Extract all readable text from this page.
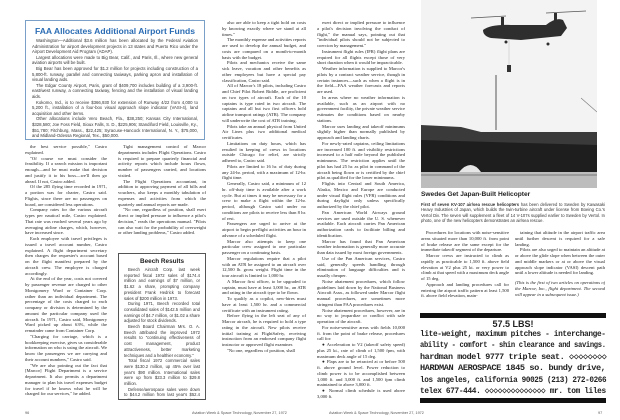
FAA Allocates Additional Airport Funds

Washington—Additional $3.6 million has been allocated by the Federal Aviation Administration for airport development projects in 13 states and Puerto Rico under the Airport Development Aid Program (ADAP).

Largest allocations were made to Big Bear, Calif., and Paris, Ill., where new general aviation airports will be built.

Big Bear has been approved for $1.2 million for projects including construction of a 5,800-ft. runway, parallel and connecting taxiways, parking apron and installation of visual landing aids.

The Edgar County Airport, Paris, grant of $409,700 includes building of a 3,900-ft. east/west runway, a connecting taxiway, fencing and the installation of visual landing aids.

Kokomo, Ind., is to receive $366,930 for extension of Runway 4/22 from 4,000 to 5,200 ft., installation of a four-box visual approach slope indicator (VASI-4), land acquisition and other items.

Other allocations include Vero Beach, Fla., $38,250; Kansas City International, $328,580; Joe Foss Field, Sioux Falls, S. D., $225,906; Standiford Field, Louisville, Ky., $51,780; Fitchburg, Mass., $22,425; Syracuse-Hancock International, N. Y., $75,000, and Midland-Odessa Regional, Tex., $50,000.

the best service possible," Castro explained.

"Of course we must consider the feasibility. If a search mission is important enough—and he must make that decision and justify it to his boss—we'll then go ahead. If not, Castro added.

Of the 285 flying time recorded in 1971, a portion was for charter, Castro said. Flights, since there are no passengers on board, are considered less operations.

Company rates for the various aircraft types per nautical mile, Castro explained. That rate was reached several years ago by averaging airline charges, which, however, have increased since.

Each employee with travel privileges is issued a travel account number, Castro explained. A flight department secretary then charges the requester's account based on the flight manifest prepared by the aircraft crew. The employee is charged accordingly.

At the end of the year, costs not covered by passenger revenue are charged to other Montgomery Ward or Container Corp. rather than an individual department. The percentage of the costs charged to each company or division is determined by the amount the particular company used the aircraft. In 1971, Castro said, Montgomery Ward picked up about 63%, while the remainder came from Container Corp.

"Charging for carriage, which is a bookkeeping exercise, gives us considerable information on who is using the aircraft. We know the passengers we are carrying and their account numbers," Castro said.

"We are also pointing out the fact that [Marcor] Flight Department is a service department. It also permits a department manager to plan his travel expenses budget for travel if he knows what he will be charged for our services," he added.

Tight management control of Marcor departments includes Flight Operations. Castro is required to prepare quarterly financial and activity reports which include hours flown, number of passengers carried, and locations visited.

The Flight Operations accountant, in addition to approving payment of all bills and vouchers, also keeps a monthly tabulation of expenses and activities from which the quarterly and annual reports are made.

"No one, regardless of position, shall exert direct or implied pressure to influence a pilot's decision," reads the operations manual. "Pilots can also wait for the probability of overweight or other landing problems," Castro added.

Beech Results

Beech Aircraft Corp. last week reported fiscal 1972 sales of $174.4 million and earnings of $7 million, or $1.62 a share, prompting company president Frank Hedrick to forecast sales of $200 million in 1973.

During 1971, Beech recorded total consolidated sales of $142.5 million and earnings of $4.7 million, or $1.02 a share adjusted for stock dividends.

Beech Board Chairman Mrs. O. A. Beech attributed the improved 1972 results to "continuing effectiveness of cost management, product attractiveness, better marketing techniques and a healthier economy."

Total fiscal 1972 commercial sales were $130.2 million, up 45% over last year's $90 million. International sales were up from $23.3 million to $29.8 million.

Defense/aerospace sales were down to $44.2 million from last year's $52.4

also are able to keep a tight hold on costs by knowing exactly where we stand at all times."

The monthly expense and activities reports are used to develop the annual budget, and costs are compared on a month-to-month basis with the budget.

Pilots and mechanics receive the same sick leave, vacation and other benefits as other employees but have a special pay classification, Castro said.

All of Marcor's 18 pilots, including Castro and Chief Pilot Robert Riddle, are proficient on two types of aircraft. Each of the 10 captains is type rated in two aircraft. The captains and all but two first officers hold airline transport ratings (ATR). The company will underwrite the cost of ATR training.

Pilots take an annual physical from United Air Lines plus two additional medical certificates.

Limitations on duty hours, which has resulted in keeping of crews in locations outside Chicago for relief, are strictly adhered to, Castro said.

Pilots are limited to 16 hr. of duty during any 24-hr. period, with a maximum of 12-hr. flight time.

Generally, Castro said, a minimum of 12 hr. off-duty time is available after a work cycle. But at times it may be necessary for a crew to make a flight within the 12-hr. period, although Castro said under no conditions are pilots to receive less than 8 hr. of rest.

Passengers are urged to arrive at the airport to begin preflight activities an hour in advance of a scheduled flight.

Marcor also attempts to keep one particular crew assigned to one particular passenger on a continuing basis.

Marcor regulations require that a pilot with an ATR be assigned to an aircraft over 12,500 lb. gross weight. Flight time in the tour aircraft is limited to 1,000 hr.

A Marcor first officer, to be upgraded to captain, must have at least 3,000 hr., an ATR and rating in the aircraft type to be flown.

To qualify as a copilot, new-hires must have at least 1,500 hr. and a commercial certificate with an instrument rating.

Before flying in the left seat of any of Marcor aircraft, he is required to hold a type rating in the aircraft. New pilots receive initial training at FlightSafety, receiving instruction from an endorsed company flight instructor or approved flight examiner.

"No one, regardless of position, shall

exert direct or implied pressure to influence a pilot's decision involving the conduct of flight," the manual says, pointing out that "individual pilots should not be subjected to coercion by management."

Instrument flight rules (IFR) flight plans are required for all flights except those of very short duration when it would be impracticable.

Weather information is supplied to Marcor's pilots by a contract weather service, though in certain instances—such as when a flight is in the field—FAA weather forecasts and reports are used.

In areas where no weather information is available, such as an airport with no government facility, the private weather service estimates the conditions based on nearby stations.

Marcor uses landing and takeoff minimums slightly higher than normally published by approach and landing charts.

For newly-rated captains, ceiling limitations are increased 100 ft. and visibility restrictions increased to a half mile beyond the published minimums. The restriction applies until the pilot has had 25 hr. as pilot in command of the aircraft being flown or is certified by the chief pilot as qualified for the lower minimums.

Flights into Central and South America, Alaska, Mexico and Europe are conducted under visual flight rules (VFR) conditions and during daylight only unless specifically authorized by the chief pilot.

Pan American World Airways ground services are used outside the U. S. whenever available. Each aircraft carries Pan American authorization cards to facilitate billing and identification.

Marcor has found that Pan American weather information is generally more accurate than data issued by most foreign governments.

Use of the Pan American services, Castro said, generally speeds handling through elimination of language difficulties and is usually cheaper.

Noise abatement procedures, which follow guidelines laid down by the National Business Aircraft Assn., as followed under Marcor flight manual procedures, are sometimes more stringent than FAA procedures exist.

Noise abatement procedures, however, are in no way to jeopardize or conflict with safe operation of the aircraft.

For noise-sensitive areas with fields 10,000 ft. from the point of brake release, procedures call for:

● Acceleration to V2 (takeoff safety speed) plus 25 kt., rate of climb of 1,500 fpm, with maximum deck angle of 15 deg.

● Flaps are to be retracted at or before 500 ft. above ground level. Power reduction to climb power is to be accomplished between 1,000 ft. and 3,000 ft. and 1,500 fpm climb maintained to above 3,000 ft.

● Normal climb schedule is used above 3,000 ft.

Swedes Get Japan-Built Helicopter
First of seven KV-107 air/sea rescue helicopters has been delivered to Sweden by Kawasaki Heavy Industries of Japan, which builds the twin-turbine aircraft under license from Boeing Co.'s Vertol Div. The seven will supplement a fleet of 14 V-107s supplied earlier to Sweden by Vertol. In photo, one of the new helicopters demonstrates an air/sea rescue.

Procedures for locations with noise-sensitive areas situated more than 10,000 ft. from point of brake release are the same except for the immediate takeoff segment of the departure.

Marcor crews are instructed to climb as rapidly as practicable to 1,500 ft. above field elevation at V2 plus 25 kt. or very power to climb at that speed with a maximum deck angle of 15 deg.

Approach and landing procedures call for entering the airport traffic pattern at least 1,500 ft. above field elevation, main-

taining that altitude in the airport traffic area until further descent is required for a safe landing.

Pilots are also urged to maintain an altitude at or above the glide slope when between the outer and middle markers or at or above the visual approach slope indicator (VASI) descent path until a lower altitude is needed for landing.

(This is the first of two articles on operations of the Marcor, Inc., flight department. The second will appear in a subsequent issue.)

57.5 LBS!
lite-weight, maximum pitches - interchange-
ability - comfort - shin clearance and savings.
hardman model 9777 triple seat. ◇◇◇◇◇◇◇◇
HARDMAN AEROSPACE 1845 so. bundy drive,
los angeles, california 90025 (213) 272-0266
telex 677-444. ◇◇◇◇◇◇◇◇◇◇◇◇◇◇ mr. tom liles
96	Aviation Week & Space Technology, November 27, 1972	Aviation Week & Space Technology, November 27, 1972	97
